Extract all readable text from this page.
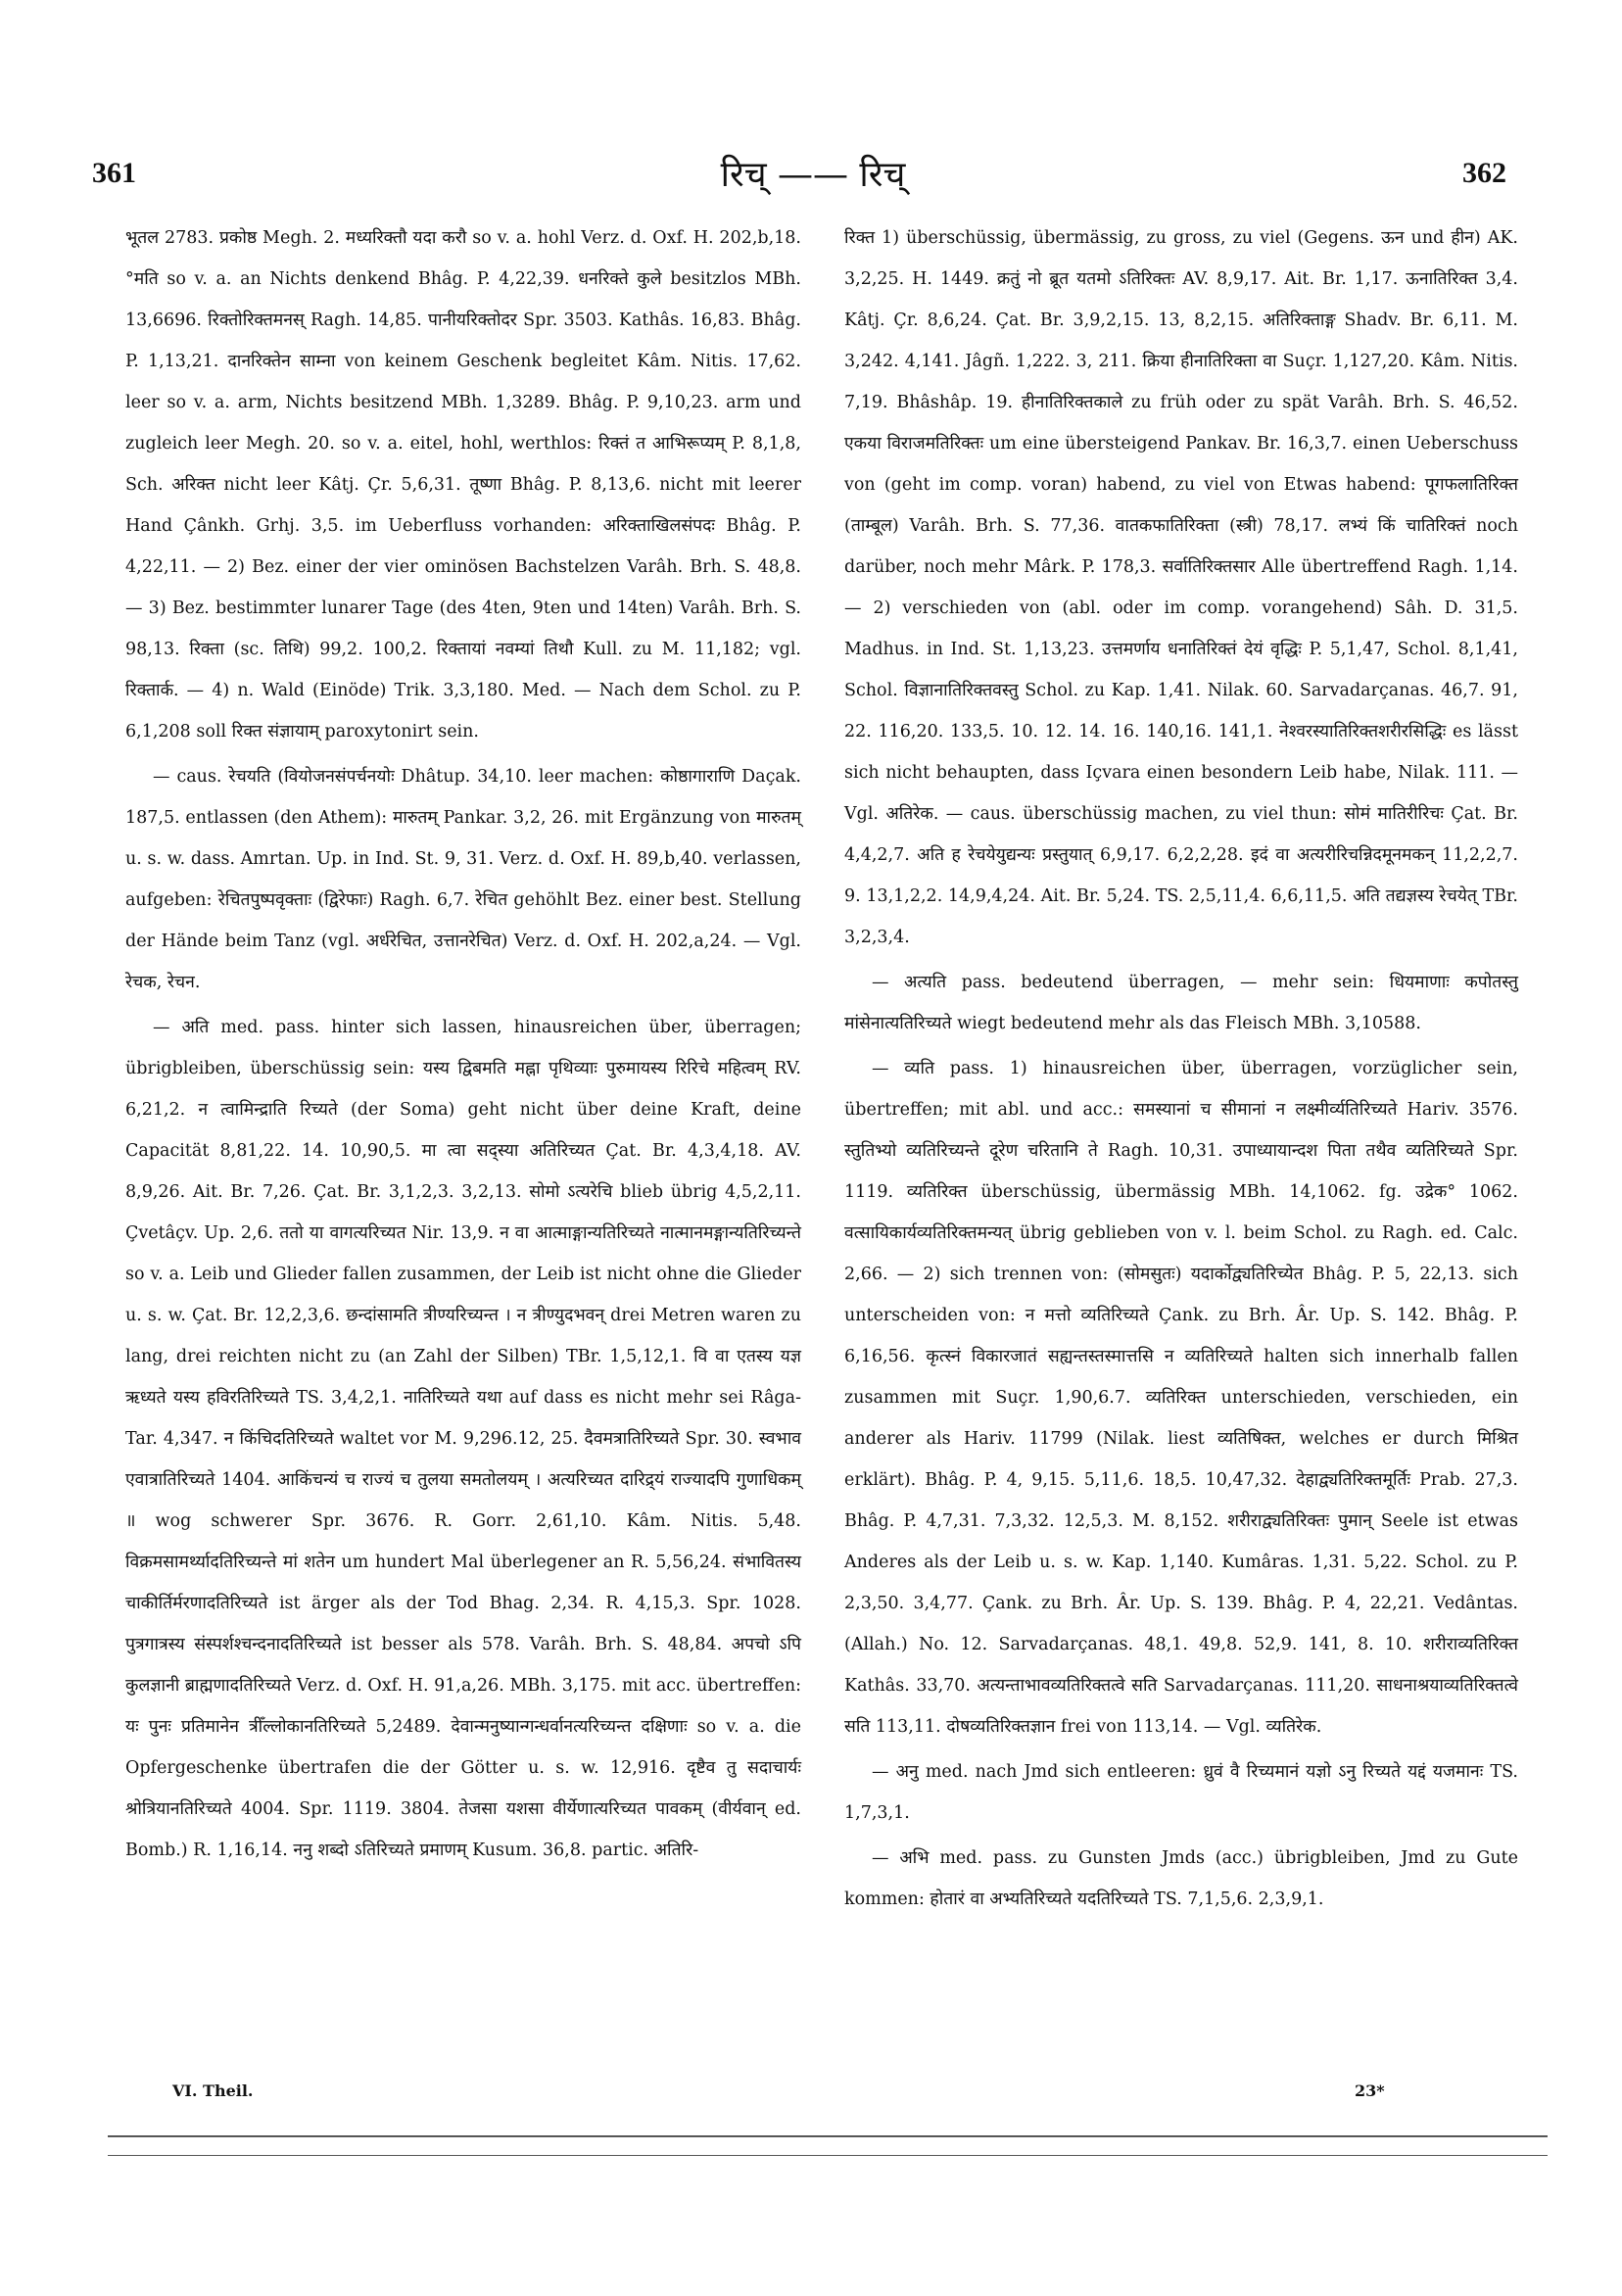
361	रिच् —— रिच्	362

भूतल 2783. प्रकोष्ठ Megh. 2. मध्यरिक्तौ यदा करौ so v. a. hohl Verz. d. Oxf. H. 202,b,18. °मति so v. a. an Nichts denkend Bhâg. P. 4,22,39. धनरिक्ते कुले besitzlos MBh. 13,6696. रिक्तोरिक्तमनस् Ragh. 14,85. पानीयरिक्तोदर Spr. 3503. Kathâs. 16,83. Bhâg. P. 1,13,21. दानरिक्तेन साम्ना von keinem Geschenk begleitet Kâm. Nitis. 17,62. leer so v. a. arm, Nichts besitzend MBh. 1,3289. Bhâg. P. 9,10,23. arm und zugleich leer Megh. 20. so v. a. eitel, hohl, werthlos: रिक्तं त आभिरूप्यम् P. 8,1,8, Sch. अरिक्त nicht leer Kâtj. Çr. 5,6,31. तूष्णा Bhâg. P. 8,13,6. nicht mit leerer Hand Çânkh. Grhj. 3,5. im Ueberfluss vorhanden: अरिक्ताखिलसंपदः Bhâg. P. 4,22,11. — 2) Bez. einer der vier ominösen Bachstelzen Varâh. Brh. S. 48,8. — 3) Bez. bestimmter lunarer Tage (des 4ten, 9ten und 14ten) Varâh. Brh. S. 98,13. रिक्ता (sc. तिथि) 99,2. 100,2. रिक्तायां नवम्यां तिथौ Kull. zu M. 11,182; vgl. रिक्तार्क. — 4) n. Wald (Einöde) Trik. 3,3,180. Med. — Nach dem Schol. zu P. 6,1,208 soll रिक्त संज्ञायाम् paroxytonirt sein.

— caus. रेचयति (वियोजनसंपर्चनयोः Dhâtup. 34,10. leer machen: कोष्ठागाराणि Daçak. 187,5. entlassen (den Athem): मारुतम् Pankar. 3,2, 26. mit Ergänzung von मारुतम् u. s. w. dass. Amrtan. Up. in Ind. St. 9, 31. Verz. d. Oxf. H. 89,b,40. verlassen, aufgeben: रेचितपुष्पवृक्ताः (द्विरेफाः) Ragh. 6,7. रेचित gehöhlt Bez. einer best. Stellung der Hände beim Tanz (vgl. अर्धरेचित, उत्तानरेचित) Verz. d. Oxf. H. 202,a,24. — Vgl. रेचक, रेचन.

— अति med. pass. hinter sich lassen, hinausreichen über, überragen; übrigbleiben, überschüssig sein: यस्य द्विबमति मह्ना पृथिव्याः पुरुमायस्य रिरिचे महित्वम् RV. 6,21,2. न त्वामिन्द्राति रिच्यते (der Soma) geht nicht über deine Kraft, deine Capacität 8,81,22. 14. 10,90,5. मा त्वा सद्स्या अतिरिच्यत Çat. Br. 4,3,4,18. AV. 8,9,26. Ait. Br. 7,26. Çat. Br. 3,1,2,3. 3,2,13. सोमो ऽत्यरेचि blieb übrig 4,5,2,11. Çvetâçv. Up. 2,6. ततो या वागत्यरिच्यत Nir. 13,9. न वा आत्माङ्गान्यतिरिच्यते नात्मानमङ्गान्यतिरिच्यन्ते so v. a. Leib und Glieder fallen zusammen, der Leib ist nicht ohne die Glieder u. s. w. Çat. Br. 12,2,3,6. छन्दांसामति त्रीण्यरिच्यन्त । न त्रीण्युदभवन् drei Metren waren zu lang, drei reichten nicht zu (an Zahl der Silben) TBr. 1,5,12,1. वि वा एतस्य यज्ञ ऋध्यते यस्य हविरतिरिच्यते TS. 3,4,2,1. नातिरिच्यते यथा auf dass es nicht mehr sei Râga-Tar. 4,347. न किंचिदतिरिच्यते waltet vor M. 9,296.12, 25. दैवमत्रातिरिच्यते Spr. 30. स्वभाव एवात्रातिरिच्यते 1404. आकिंचन्यं च राज्यं च तुलया समतोलयम् । अत्यरिच्यत दारिद्र्यं राज्यादपि गुणाधिकम् ॥ wog schwerer Spr. 3676. R. Gorr. 2,61,10. Kâm. Nitis. 5,48. विक्रमसामर्थ्यादतिरिच्यन्ते मां शतेन um hundert Mal überlegener an R. 5,56,24. संभावितस्य चाकीर्तिर्मरणादतिरिच्यते ist ärger als der Tod Bhag. 2,34. R. 4,15,3. Spr. 1028. पुत्रगात्रस्य संस्पर्शश्चन्दनादतिरिच्यते ist besser als 578. Varâh. Brh. S. 48,84. अपचो ऽपि कुलज्ञानी ब्राह्मणादतिरिच्यते Verz. d. Oxf. H. 91,a,26. MBh. 3,175. mit acc. übertreffen: यः पुनः प्रतिमानेन त्रीँल्लोकानतिरिच्यते 5,2489. देवान्मनुष्यान्गन्धर्वानत्यरिच्यन्त दक्षिणाः so v. a. die Opfergeschenke übertrafen die der Götter u. s. w. 12,916. दृष्टैव तु सदाचार्यः श्रोत्रियानतिरिच्यते 4004. Spr. 1119. 3804. तेजसा यशसा वीर्येणात्यरिच्यत पावकम् (वीर्यवान् ed. Bomb.) R. 1,16,14. ननु शब्दो ऽतिरिच्यते प्रमाणम् Kusum. 36,8. partic. अतिरि-

रिक्त 1) überschüssig, übermässig, zu gross, zu viel (Gegens. ऊन und हीन) AK. 3,2,25. H. 1449. क्रतुं नो ब्रूत यतमो ऽतिरिक्तः AV. 8,9,17. Ait. Br. 1,17. ऊनातिरिक्त 3,4. Kâtj. Çr. 8,6,24. Çat. Br. 3,9,2,15. 13, 8,2,15. अतिरिक्ताङ्ग Shadv. Br. 6,11. M. 3,242. 4,141. Jâgñ. 1,222. 3, 211. क्रिया हीनातिरिक्ता वा Suçr. 1,127,20. Kâm. Nitis. 7,19. Bhâshâp. 19. हीनातिरिक्तकाले zu früh oder zu spät Varâh. Brh. S. 46,52. एकया विराजमतिरिक्तः um eine übersteigend Pankav. Br. 16,3,7. einen Ueberschuss von (geht im comp. voran) habend, zu viel von Etwas habend: पूगफलातिरिक्त (ताम्बूल) Varâh. Brh. S. 77,36. वातकफातिरिक्ता (स्त्री) 78,17. लभ्यं किं चातिरिक्तं noch darüber, noch mehr Mârk. P. 178,3. सर्वातिरिक्तसार Alle übertreffend Ragh. 1,14. — 2) verschieden von (abl. oder im comp. vorangehend) Sâh. D. 31,5. Madhus. in Ind. St. 1,13,23. उत्तमर्णाय धनातिरिक्तं देयं वृद्धिः P. 5,1,47, Schol. 8,1,41, Schol. विज्ञानातिरिक्तवस्तु Schol. zu Kap. 1,41. Nilak. 60. Sarvadarçanas. 46,7. 91, 22. 116,20. 133,5. 10. 12. 14. 16. 140,16. 141,1. नेश्वरस्यातिरिक्तशरीरसिद्धिः es lässt sich nicht behaupten, dass Içvara einen besondern Leib habe, Nilak. 111. — Vgl. अतिरेक. — caus. überschüssig machen, zu viel thun: सोमं मातिरीरिचः Çat. Br. 4,4,2,7. अति ह रेचयेयुद्यन्यः प्रस्तुयात् 6,9,17. 6,2,2,28. इदं वा अत्यरीरिचन्निदमूनमकन् 11,2,2,7. 9. 13,1,2,2. 14,9,4,24. Ait. Br. 5,24. TS. 2,5,11,4. 6,6,11,5. अति तद्यज्ञस्य रेचयेत् TBr. 3,2,3,4.

— अत्यति pass. bedeutend überragen, — mehr sein: धियमाणाः कपोतस्तु मांसेनात्यतिरिच्यते wiegt bedeutend mehr als das Fleisch MBh. 3,10588.

— व्यति pass. 1) hinausreichen über, überragen, vorzüglicher sein, übertreffen; mit abl. und acc.: समस्यानां च सीमानां न लक्ष्मीर्व्यतिरिच्यते Hariv. 3576. स्तुतिभ्यो व्यतिरिच्यन्ते दूरेण चरितानि ते Ragh. 10,31. उपाध्यायान्दश पिता तथैव व्यतिरिच्यते Spr. 1119. व्यतिरिक्त überschüssig, übermässig MBh. 14,1062. fg. उद्रेक° 1062. वत्सायिकार्यव्यतिरिक्तमन्यत् übrig geblieben von v. l. beim Schol. zu Ragh. ed. Calc. 2,66. — 2) sich trennen von: (सोमसुतः) यदार्कोद्व्यतिरिच्येत Bhâg. P. 5, 22,13. sich unterscheiden von: न मत्तो व्यतिरिच्यते Çank. zu Brh. Âr. Up. S. 142. Bhâg. P. 6,16,56. कृत्स्नं विकारजातं सह्यन्तस्तस्मात्तसि न व्यतिरिच्यते halten sich innerhalb fallen zusammen mit Suçr. 1,90,6.7. व्यतिरिक्त unterschieden, verschieden, ein anderer als Hariv. 11799 (Nilak. liest व्यतिषिक्त, welches er durch मिश्रित erklärt). Bhâg. P. 4, 9,15. 5,11,6. 18,5. 10,47,32. देहाद्व्यतिरिक्तमूर्तिः Prab. 27,3. Bhâg. P. 4,7,31. 7,3,32. 12,5,3. M. 8,152. शरीराद्व्यतिरिक्तः पुमान् Seele ist etwas Anderes als der Leib u. s. w. Kap. 1,140. Kumâras. 1,31. 5,22. Schol. zu P. 2,3,50. 3,4,77. Çank. zu Brh. Âr. Up. S. 139. Bhâg. P. 4, 22,21. Vedântas. (Allah.) No. 12. Sarvadarçanas. 48,1. 49,8. 52,9. 141, 8. 10. शरीराव्यतिरिक्त Kathâs. 33,70. अत्यन्ताभावव्यतिरिक्तत्वे सति Sarvadarçanas. 111,20. साधनाश्रयाव्यतिरिक्तत्वे सति 113,11. दोषव्यतिरिक्तज्ञान frei von 113,14. — Vgl. व्यतिरेक.

— अनु med. nach Jmd sich entleeren: ध्रुवं वै रिच्यमानं यज्ञो ऽनु रिच्यते यद्दं यजमानः TS. 1,7,3,1.

— अभि med. pass. zu Gunsten Jmds (acc.) übrigbleiben, Jmd zu Gute kommen: होतारं वा अभ्यतिरिच्यते यदतिरिच्यते TS. 7,1,5,6. 2,3,9,1.

VI. Theil.	23*
